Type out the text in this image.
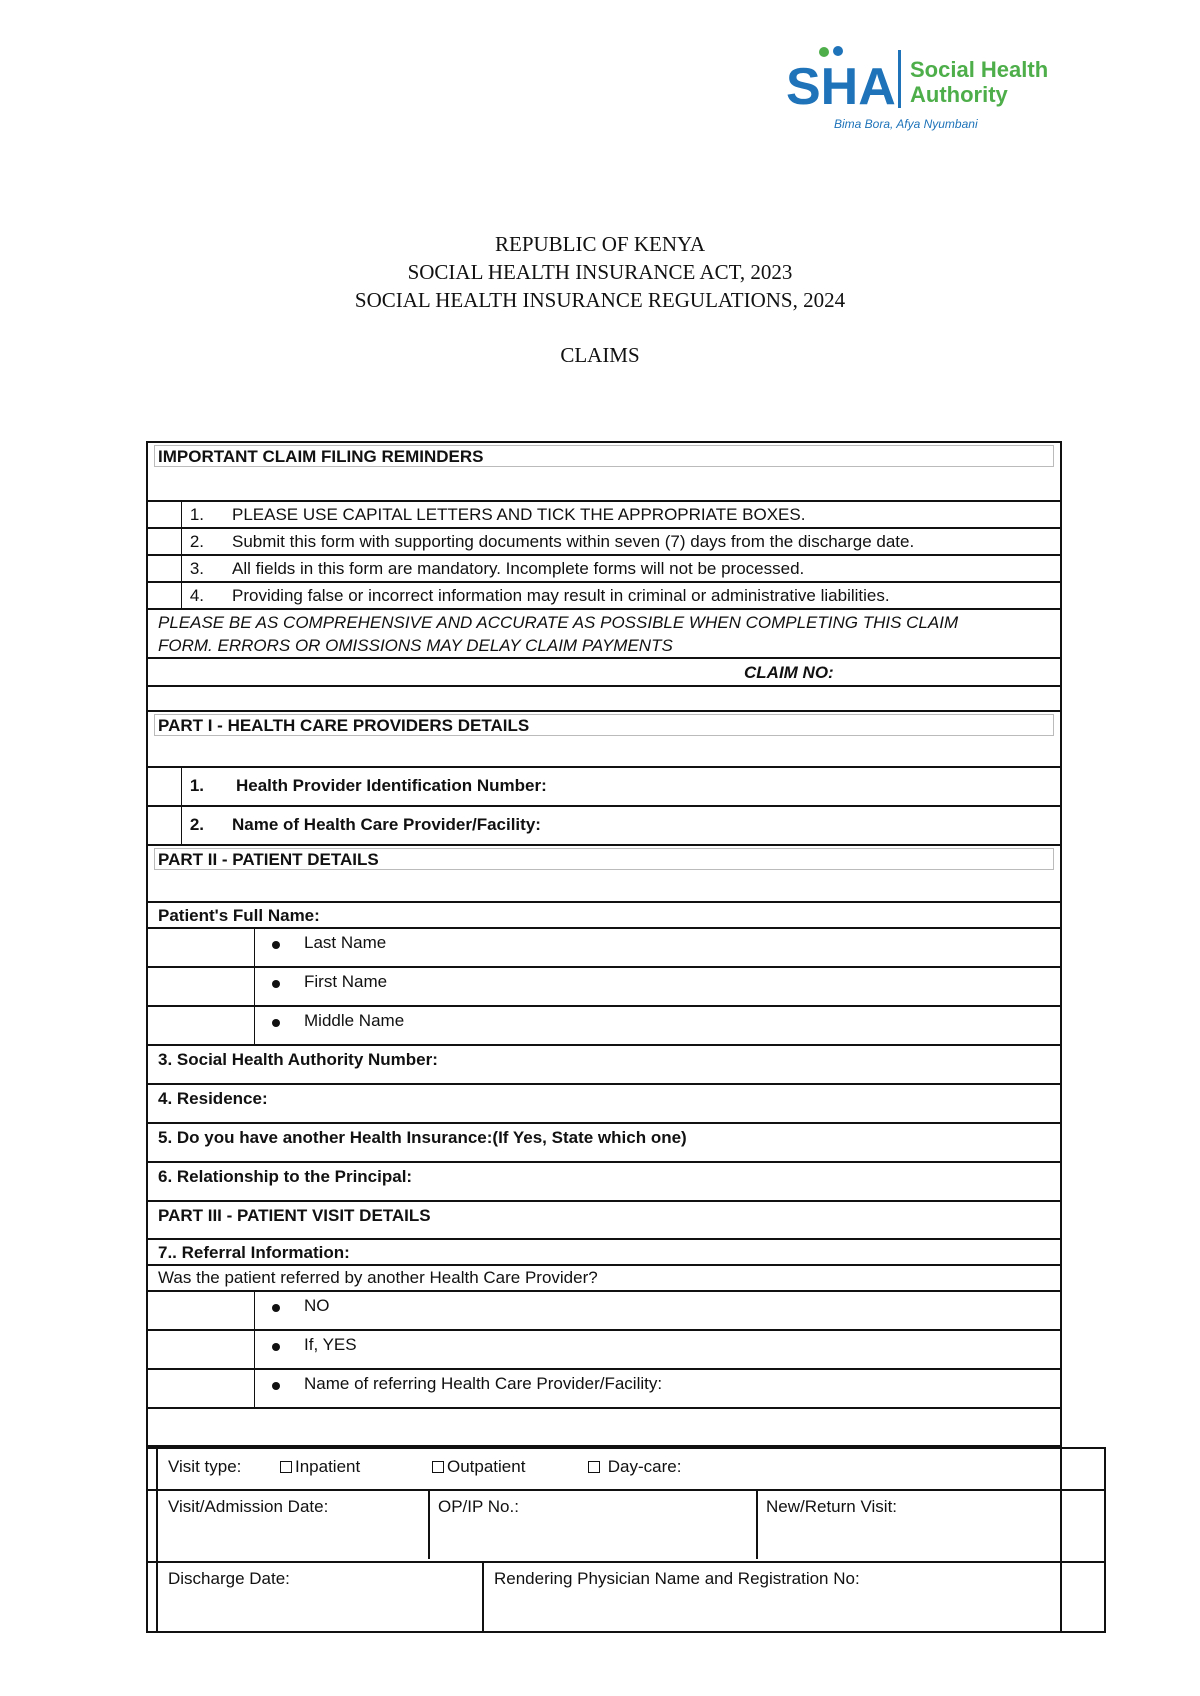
SHA Social Health
Authority
Bima Bora, Afya Nyumbani
REPUBLIC OF KENYA
SOCIAL HEALTH INSURANCE ACT, 2023
SOCIAL HEALTH INSURANCE REGULATIONS, 2024
CLAIMS
IMPORTANT CLAIM FILING REMINDERS
1. PLEASE USE CAPITAL LETTERS AND TICK THE APPROPRIATE BOXES.
2. Submit this form with supporting documents within seven (7) days from the discharge date.
3. All fields in this form are mandatory. Incomplete forms will not be processed.
4. Providing false or incorrect information may result in criminal or administrative liabilities.
PLEASE BE AS COMPREHENSIVE AND ACCURATE AS POSSIBLE WHEN COMPLETING THIS CLAIM
FORM. ERRORS OR OMISSIONS MAY DELAY CLAIM PAYMENTS
CLAIM NO:
PART I - HEALTH CARE PROVIDERS DETAILS
1. Health Provider Identification Number:
2. Name of Health Care Provider/Facility:
PART II - PATIENT DETAILS
Patient's Full Name:
Last Name
First Name
Middle Name
3. Social Health Authority Number:
4. Residence:
5. Do you have another Health Insurance:(If Yes, State which one)
6. Relationship to the Principal:
PART III - PATIENT VISIT DETAILS
7.. Referral Information:
Was the patient referred by another Health Care Provider?
NO
If, YES
Name of referring Health Care Provider/Facility:
Visit type:	Inpatient	Outpatient	Day-care:
Visit/Admission Date:	OP/IP No.:	New/Return Visit:
Discharge Date:	Rendering Physician Name and Registration No:
